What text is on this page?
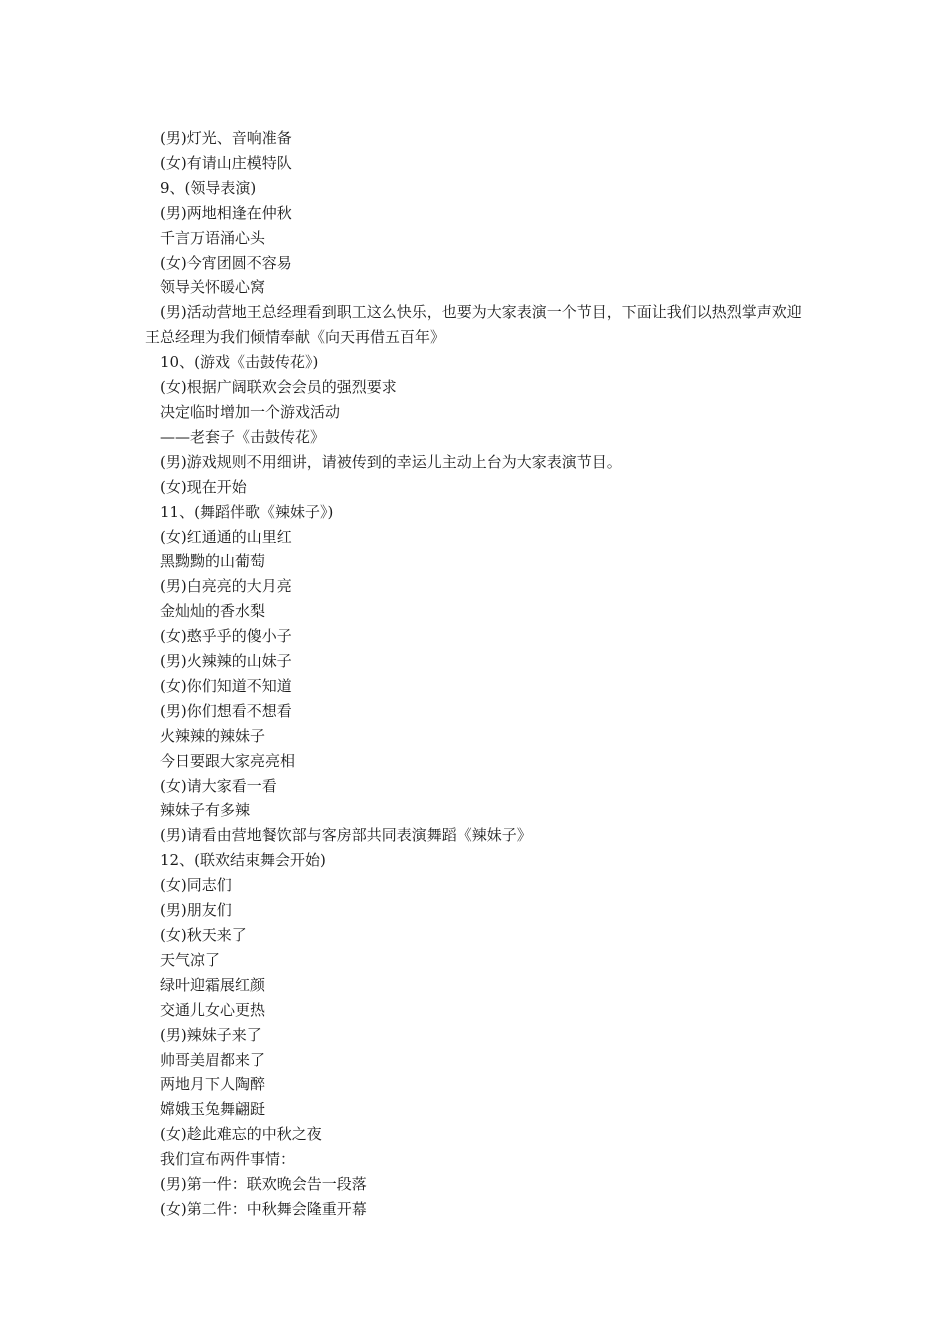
(男)灯光、音响准备

(女)有请山庄模特队

9、(领导表演)

(男)两地相逢在仲秋

千言万语涌心头

(女)今宵团圆不容易

领导关怀暖心窝

(男)活动营地王总经理看到职工这么快乐，也要为大家表演一个节目，下面让我们以热烈掌声欢迎王总经理为我们倾情奉献《向天再借五百年》

10、(游戏《击鼓传花》)

(女)根据广阔联欢会会员的强烈要求

决定临时增加一个游戏活动

——老套子《击鼓传花》

(男)游戏规则不用细讲，请被传到的幸运儿主动上台为大家表演节目。

(女)现在开始

11、(舞蹈伴歌《辣妹子》)

(女)红通通的山里红

黑黝黝的山葡萄

(男)白亮亮的大月亮

金灿灿的香水梨

(女)憨乎乎的傻小子

(男)火辣辣的山妹子

(女)你们知道不知道

(男)你们想看不想看

火辣辣的辣妹子

今日要跟大家亮亮相

(女)请大家看一看

辣妹子有多辣

(男)请看由营地餐饮部与客房部共同表演舞蹈《辣妹子》

12、(联欢结束舞会开始)

(女)同志们

(男)朋友们

(女)秋天来了

天气凉了

绿叶迎霜展红颜

交通儿女心更热

(男)辣妹子来了

帅哥美眉都来了

两地月下人陶醉

嫦娥玉兔舞翩跹

(女)趁此难忘的中秋之夜

我们宣布两件事情：

(男)第一件：联欢晚会告一段落

(女)第二件：中秋舞会隆重开幕
